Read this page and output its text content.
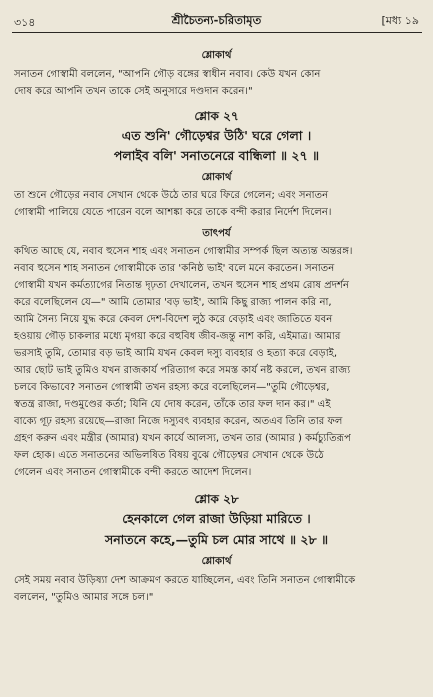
৩১৪	শ্রীচৈতন্য-চরিতামৃত	[মধ্য ১৯
শ্লোকার্থ
সনাতন গোস্বামী বললেন, "আপনি গৌড় বঙ্গের স্বাধীন নবাব। কেউ যখন কোন
দোষ করে আপনি তখন তাকে সেই অনুসারে দণ্ডদান করেন।"
শ্লোক ২৭
এত শুনি' গৌড়েশ্বর উঠি' ঘরে গেলা ।
পলাইব বলি' সনাতনেরে বান্ধিলা ॥ ২৭ ॥
শ্লোকার্থ
তা শুনে গৌড়ের নবাব সেখান থেকে উঠে তার ঘরে ফিরে গেলেন; এবং সনাতন
গোস্বামী পালিয়ে যেতে পারেন বলে আশঙ্কা করে তাকে বন্দী করার নির্দেশ দিলেন।
তাৎপর্য
কথিত আছে যে, নবাব হুসেন শাহ এবং সনাতন গোস্বামীর সম্পর্ক ছিল অত্যন্ত অন্তরঙ্গ।
নবাব হুসেন শাহ সনাতন গোস্বামীকে তার 'কনিষ্ঠ ভাই' বলে মনে করতেন। সনাতন
গোস্বামী যখন কর্মত্যাগের নিতান্ত দৃঢ়তা দেখালেন, তখন হুসেন শাহ প্রথম রোষ প্রদর্শন
করে বলেছিলেন যে—" আমি তোমার 'বড় ভাই', আমি কিছু রাজ্য পালন করি না,
আমি সৈন্য নিয়ে যুদ্ধ করে কেবল দেশ-বিদেশ লুঠ করে বেড়াই এবং জাতিতে যবন
হওয়ায় গৌড় চাকলার মধ্যে মৃগয়া করে বহুবিধ জীব-জন্তু নাশ করি, এইমাত্র। আমার
ভরসাই তুমি, তোমার বড় ভাই আমি যখন কেবল দস্যু ব্যবহার ও হত্যা করে বেড়াই,
আর ছোট ভাই তুমিও যখন রাজকার্য পরিত্যাগ করে সমস্ত কার্য নষ্ট করলে, তখন রাজ্য
চলবে কিভাবে? সনাতন গোস্বামী তখন রহস্য করে বলেছিলেন—"তুমি গৌড়েশ্বর,
স্বতন্ত্র রাজা, দণ্ডমুণ্ডের কর্তা; যিনি যে দোষ করেন, তাঁকে তার ফল দান কর।" এই
বাক্যে গূঢ় রহস্য রয়েছে—রাজা নিজে দস্যুবৎ ব্যবহার করেন, অতএব তিনি তার ফল
গ্রহণ করুন এবং মন্ত্রীর (আমার) যখন কার্যে আলস্য, তখন তার (আমার ) কর্মচ্যুতিরূপ
ফল হোক। এতে সনাতনের অভিলষিত বিষয় বুঝে গৌড়েশ্বর সেখান থেকে উঠে
গেলেন এবং সনাতন গোস্বামীকে বন্দী করতে আদেশ দিলেন।
শ্লোক ২৮
হেনকালে গেল রাজা উড়িয়া মারিতে ।
সনাতনে কহে,—তুমি চল মোর সাথে ॥ ২৮ ॥
শ্লোকার্থ
সেই সময় নবাব উড়িষ্যা দেশ আক্রমণ করতে যাচ্ছিলেন, এবং তিনি সনাতন গোস্বামীকে
বললেন, "তুমিও আমার সঙ্গে চল।"
